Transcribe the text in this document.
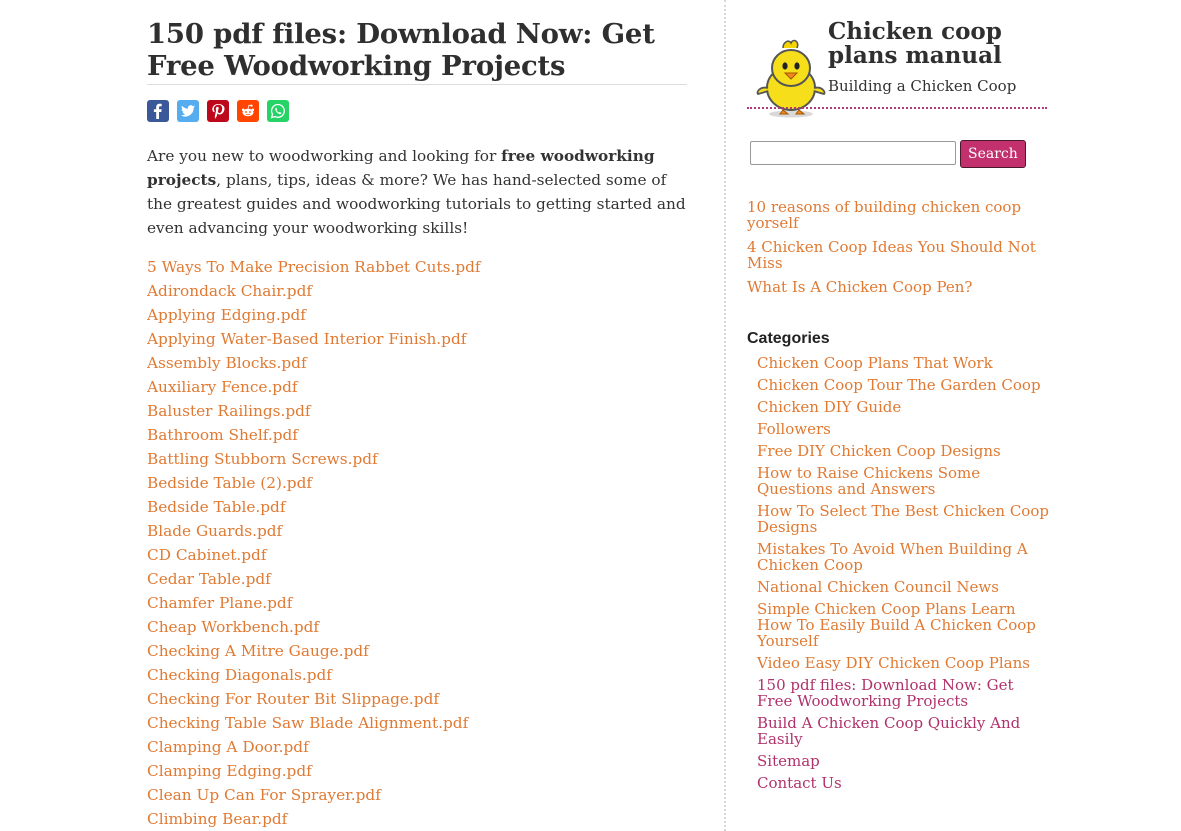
150 pdf files: Download Now: Get Free Woodworking Projects

Are you new to woodworking and looking for free woodworking projects, plans, tips, ideas & more? We has hand-selected some of the greatest guides and woodworking tutorials to getting started and even advancing your woodworking skills!

5 Ways To Make Precision Rabbet Cuts.pdf
Adirondack Chair.pdf
Applying Edging.pdf
Applying Water-Based Interior Finish.pdf
Assembly Blocks.pdf
Auxiliary Fence.pdf
Baluster Railings.pdf
Bathroom Shelf.pdf
Battling Stubborn Screws.pdf
Bedside Table (2).pdf
Bedside Table.pdf
Blade Guards.pdf
CD Cabinet.pdf
Cedar Table.pdf
Chamfer Plane.pdf
Cheap Workbench.pdf
Checking A Mitre Gauge.pdf
Checking Diagonals.pdf
Checking For Router Bit Slippage.pdf
Checking Table Saw Blade Alignment.pdf
Clamping A Door.pdf
Clamping Edging.pdf
Clean Up Can For Sprayer.pdf
Climbing Bear.pdf
Chicken coop plans manual
Building a Chicken Coop
Search
10 reasons of building chicken coop yorself
4 Chicken Coop Ideas You Should Not Miss
What Is A Chicken Coop Pen?
Categories
Chicken Coop Plans That Work
Chicken Coop Tour The Garden Coop
Chicken DIY Guide
Followers
Free DIY Chicken Coop Designs
How to Raise Chickens Some Questions and Answers
How To Select The Best Chicken Coop Designs
Mistakes To Avoid When Building A Chicken Coop
National Chicken Council News
Simple Chicken Coop Plans Learn How To Easily Build A Chicken Coop Yourself
Video Easy DIY Chicken Coop Plans
150 pdf files: Download Now: Get Free Woodworking Projects
Build A Chicken Coop Quickly And Easily
Sitemap
Contact Us
